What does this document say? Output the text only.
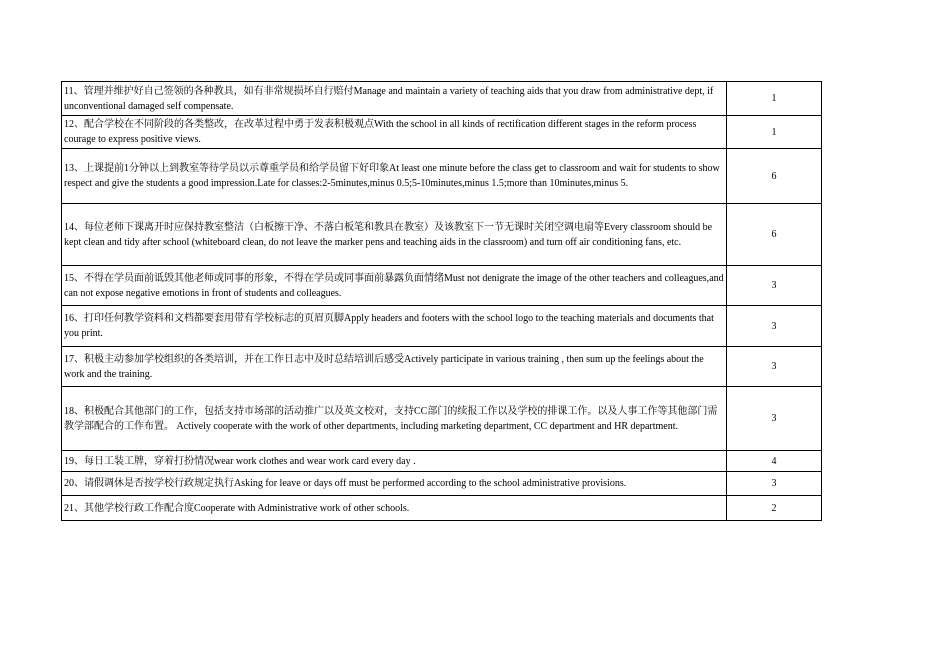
11、管理并维护好自己签领的各种教具，如有非常规损坏自行赔付Manage and maintain a variety of teaching aids that you draw from administrative dept, if unconventional damaged self compensate.	1

12、配合学校在不同阶段的各类整改，在改革过程中勇于发表积极观点With the school in all kinds of rectification different stages in the reform process courage to express positive views.	1

13、上课提前1分钟以上到教室等待学员以示尊重学员和给学员留下好印象At least one minute before the class get to classroom and wait for students to show respect and give the students a good impression.Late for classes:2-5minutes,minus 0.5;5-10minutes,minus 1.5;more than 10minutes,minus 5.	6

14、每位老师下课离开时应保持教室整洁（白板擦干净、不落白板笔和教具在教室）及该教室下一节无课时关闭空调电扇等Every classroom should be kept clean and tidy after school (whiteboard clean, do not leave the marker pens and teaching aids in the classroom) and turn off air conditioning fans, etc.	6

15、不得在学员面前诋毁其他老师或同事的形象，不得在学员或同事面前暴露负面情绪Must not denigrate the image of the other teachers and colleagues,and can not expose negative emotions in front of students and colleagues.	3

16、打印任何教学资料和文档都要套用带有学校标志的页眉页脚Apply headers and footers with the school logo to the teaching materials and documents that you print.	3

17、积极主动参加学校组织的各类培训，并在工作日志中及时总结培训后感受Actively participate in various training , then sum up the feelings about the work and the training.	3

18、积极配合其他部门的工作，包括支持市场部的活动推广以及英文校对，支持CC部门的续报工作以及学校的排课工作。以及人事工作等其他部门需教学部配合的工作布置。 Actively cooperate with the work of other departments, including marketing department, CC department and HR department.	3

19、每日工装工牌，穿着打扮情况wear work clothes and wear work card every day .	4

20、请假调休是否按学校行政规定执行Asking for leave or days off must be performed according to the school administrative provisions.	3

21、其他学校行政工作配合度Cooperate with Administrative work of other schools.	2
